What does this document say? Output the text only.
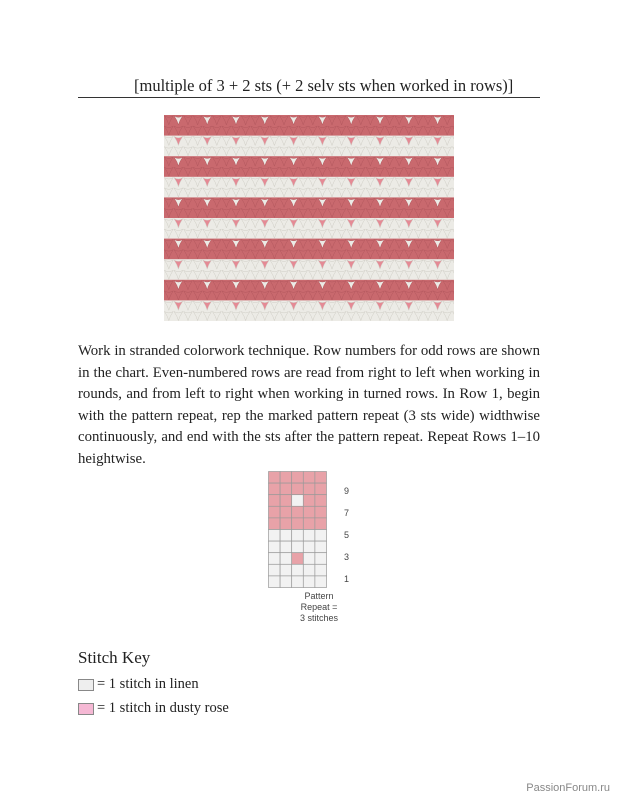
[multiple of 3 + 2 sts (+ 2 selv sts when worked in rows)]
Work in stranded colorwork technique. Row numbers for odd rows are shown in the chart. Even-numbered rows are read from right to left when working in rounds, and from left to right when working in turned rows. In Row 1, begin with the pattern repeat, rep the marked pattern repeat (3 sts wide) widthwise continuously, and end with the sts after the pattern repeat. Repeat Rows 1–10 heightwise.
9
7
5
3
1
Pattern
Repeat =
3 stitches
Stitch Key
= 1 stitch in linen
= 1 stitch in dusty rose
PassionForum.ru
